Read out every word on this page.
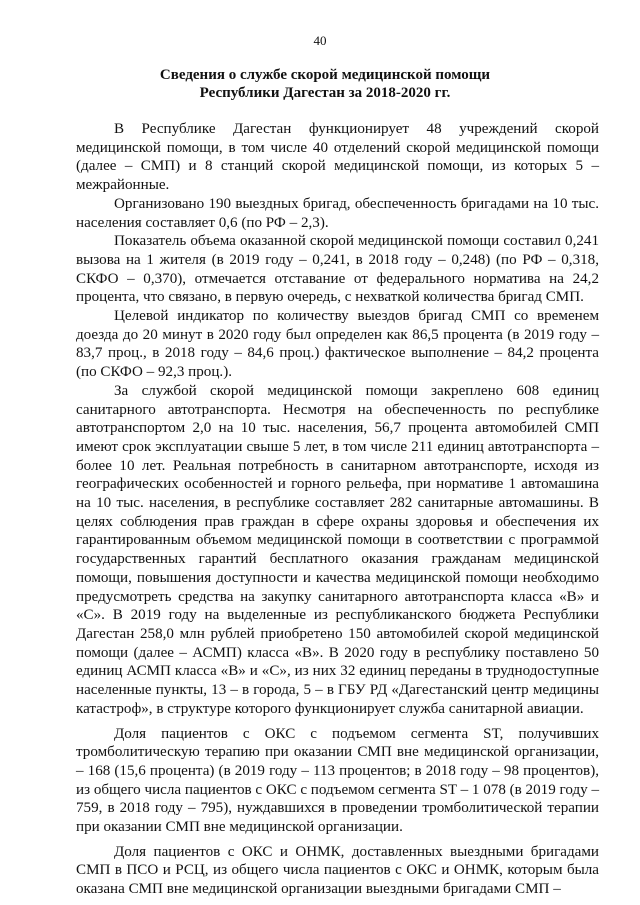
40
Сведения о службе скорой медицинской помощи
Республики Дагестан за 2018-2020 гг.

В Республике Дагестан функционирует 48 учреждений скорой медицинской помощи, в том числе 40 отделений скорой медицинской помощи (далее – СМП) и 8 станций скорой медицинской помощи, из которых 5 – межрайонные.

Организовано 190 выездных бригад, обеспеченность бригадами на 10 тыс. населения составляет 0,6 (по РФ – 2,3).

Показатель объема оказанной скорой медицинской помощи составил 0,241 вызова на 1 жителя (в 2019 году – 0,241, в 2018 году – 0,248) (по РФ – 0,318, СКФО – 0,370), отмечается отставание от федерального норматива на 24,2 процента, что связано, в первую очередь, с нехваткой количества бригад СМП.

Целевой индикатор по количеству выездов бригад СМП со временем доезда до 20 минут в 2020 году был определен как 86,5 процента (в 2019 году – 83,7 проц., в 2018 году – 84,6 проц.) фактическое выполнение – 84,2 процента (по СКФО – 92,3 проц.).

За службой скорой медицинской помощи закреплено 608 единиц санитарного автотранспорта. Несмотря на обеспеченность по республике автотранспортом 2,0 на 10 тыс. населения, 56,7 процента автомобилей СМП имеют срок эксплуатации свыше 5 лет, в том числе 211 единиц автотранспорта – более 10 лет. Реальная потребность в санитарном автотранспорте, исходя из географических особенностей и горного рельефа, при нормативе 1 автомашина на 10 тыс. населения, в республике составляет 282 санитарные автомашины. В целях соблюдения прав граждан в сфере охраны здоровья и обеспечения их гарантированным объемом медицинской помощи в соответствии с программой государственных гарантий бесплатного оказания гражданам медицинской помощи, повышения доступности и качества медицинской помощи необходимо предусмотреть средства на закупку санитарного автотранспорта класса «В» и «С». В 2019 году на выделенные из республиканского бюджета Республики Дагестан 258,0 млн рублей приобретено 150 автомобилей скорой медицинской помощи (далее – АСМП) класса «В». В 2020 году в республику поставлено 50 единиц АСМП класса «В» и «С», из них 32 единиц переданы в труднодоступные населенные пункты, 13 – в города, 5 – в ГБУ РД «Дагестанский центр медицины катастроф», в структуре которого функционирует служба санитарной авиации.

Доля пациентов с ОКС с подъемом сегмента ST, получивших тромболитическую терапию при оказании СМП вне медицинской организации, – 168 (15,6 процента) (в 2019 году – 113 процентов; в 2018 году – 98 процентов), из общего числа пациентов с ОКС с подъемом сегмента ST – 1 078 (в 2019 году – 759, в 2018 году – 795), нуждавшихся в проведении тромболитической терапии при оказании СМП вне медицинской организации.

Доля пациентов с ОКС и ОНМК, доставленных выездными бригадами СМП в ПСО и РСЦ, из общего числа пациентов с ОКС и ОНМК, которым была оказана СМП вне медицинской организации выездными бригадами СМП –
